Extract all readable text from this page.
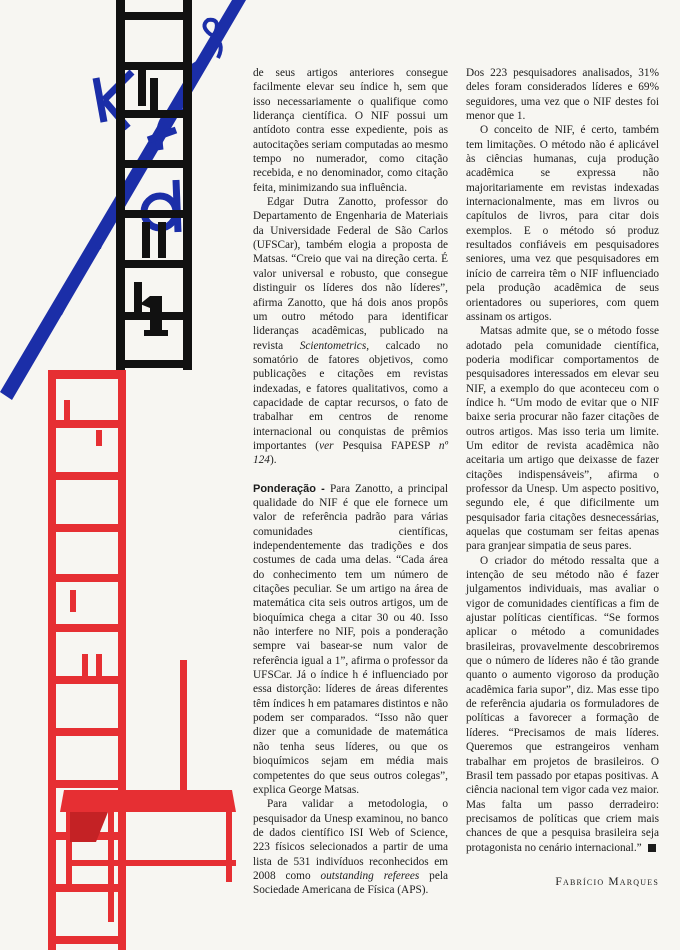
de seus artigos anteriores consegue facilmente elevar seu índice h, sem que isso necessariamente o qualifique como liderança científica. O NIF possui um antídoto contra esse expediente, pois as autocitações seriam computadas ao mesmo tempo no numerador, como citação recebida, e no denominador, como citação feita, minimizando sua influência.

Edgar Dutra Zanotto, professor do Departamento de Engenharia de Materiais da Universidade Federal de São Carlos (UFSCar), também elogia a proposta de Matsas. “Creio que vai na direção certa. É valor universal e robusto, que consegue distinguir os líderes dos não líderes”, afirma Zanotto, que há dois anos propôs um outro método para identificar lideranças acadêmicas, publicado na revista Scientometrics, calcado no somatório de fatores objetivos, como publicações e citações em revistas indexadas, e fatores qualitativos, como a capacidade de captar recursos, o fato de trabalhar em centros de renome internacional ou conquistas de prêmios importantes (ver Pesquisa FAPESP nº 124).

Ponderação - Para Zanotto, a principal qualidade do NIF é que ele fornece um valor de referência padrão para várias comunidades científicas, independentemente das tradições e dos costumes de cada uma delas. “Cada área do conhecimento tem um número de citações peculiar. Se um artigo na área de matemática cita seis outros artigos, um de bioquímica chega a citar 30 ou 40. Isso não interfere no NIF, pois a ponderação sempre vai basear-se num valor de referência igual a 1”, afirma o professor da UFSCar. Já o índice h é influenciado por essa distorção: líderes de áreas diferentes têm índices h em patamares distintos e não podem ser comparados. “Isso não quer dizer que a comunidade de matemática não tenha seus líderes, ou que os bioquímicos sejam em média mais competentes do que seus outros colegas”, explica George Matsas.

Para validar a metodologia, o pesquisador da Unesp examinou, no banco de dados científico ISI Web of Science, 223 físicos selecionados a partir de uma lista de 531 indivíduos reconhecidos em 2008 como outstanding referees pela Sociedade Americana de Física (APS).

Dos 223 pesquisadores analisados, 31% deles foram considerados líderes e 69% seguidores, uma vez que o NIF destes foi menor que 1.

O conceito de NIF, é certo, também tem limitações. O método não é aplicável às ciências humanas, cuja produção acadêmica se expressa não majoritariamente em revistas indexadas internacionalmente, mas em livros ou capítulos de livros, para citar dois exemplos. E o método só produz resultados confiáveis em pesquisadores seniores, uma vez que pesquisadores em início de carreira têm o NIF influenciado pela produção acadêmica de seus orientadores ou superiores, com quem assinam os artigos.

Matsas admite que, se o método fosse adotado pela comunidade científica, poderia modificar comportamentos de pesquisadores interessados em elevar seu NIF, a exemplo do que aconteceu com o índice h. “Um modo de evitar que o NIF baixe seria procurar não fazer citações de outros artigos. Mas isso teria um limite. Um editor de revista acadêmica não aceitaria um artigo que deixasse de fazer citações indispensáveis”, afirma o professor da Unesp. Um aspecto positivo, segundo ele, é que dificilmente um pesquisador faria citações desnecessárias, aquelas que costumam ser feitas apenas para granjear simpatia de seus pares.

O criador do método ressalta que a intenção de seu método não é fazer julgamentos individuais, mas avaliar o vigor de comunidades científicas a fim de ajustar políticas científicas. “Se formos aplicar o método a comunidades brasileiras, provavelmente descobriremos que o número de líderes não é tão grande quanto o aumento vigoroso da produção acadêmica faria supor”, diz. Mas esse tipo de referência ajudaria os formuladores de políticas a favorecer a formação de líderes. “Precisamos de mais líderes. Queremos que estrangeiros venham trabalhar em projetos de brasileiros. O Brasil tem passado por etapas positivas. A ciência nacional tem vigor cada vez maior. Mas falta um passo derradeiro: precisamos de políticas que criem mais chances de que a pesquisa brasileira seja protagonista no cenário internacional.”

Fabrício Marques
